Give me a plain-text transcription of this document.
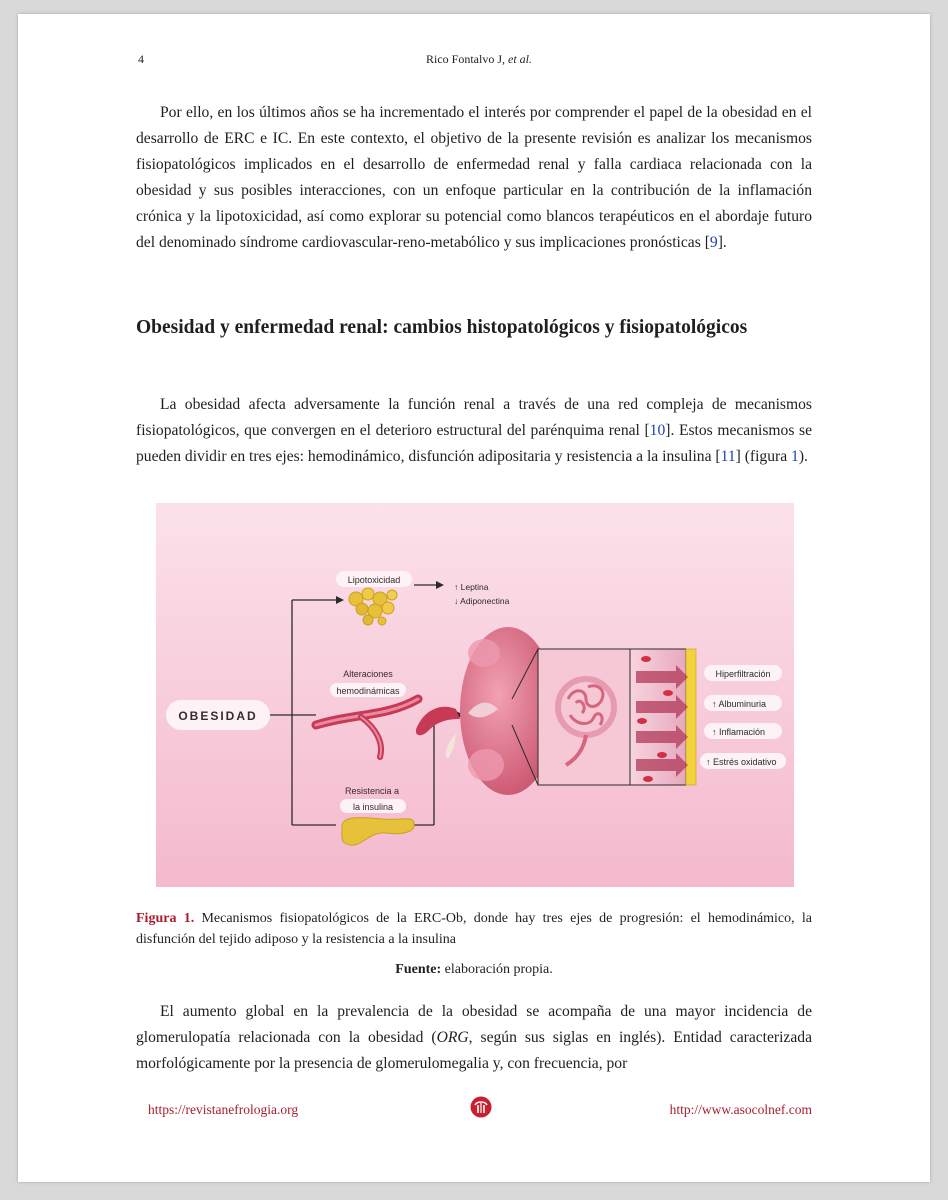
4	Rico Fontalvo J, et al.

Por ello, en los últimos años se ha incrementado el interés por comprender el papel de la obesidad en el desarrollo de ERC e IC. En este contexto, el objetivo de la presente revisión es analizar los mecanismos fisiopatológicos implicados en el desarrollo de enfermedad renal y falla cardiaca relacionada con la obesidad y sus posibles interacciones, con un enfoque particular en la contribución de la inflamación crónica y la lipotoxicidad, así como explorar su potencial como blancos terapéuticos en el abordaje futuro del denominado síndrome cardiovascular-reno-metabólico y sus implicaciones pronósticas [9].

Obesidad y enfermedad renal: cambios histopatológicos y fisiopatológicos

La obesidad afecta adversamente la función renal a través de una red compleja de mecanismos fisiopatológicos, que convergen en el deterioro estructural del parénquima renal [10]. Estos mecanismos se pueden dividir en tres ejes: hemodinámico, disfunción adipositaria y resistencia a la insulina [11] (figura 1).

OBESIDAD
Lipotoxicidad
↑ Leptina
↓ Adiponectina
Alteraciones
hemodinámicas
Resistencia a
la insulina
Hiperfiltración
↑ Albuminuria
↑ Inflamación
↑ Estrés oxidativo

Figura 1. Mecanismos fisiopatológicos de la ERC-Ob, donde hay tres ejes de progresión: el hemodinámico, la disfunción del tejido adiposo y la resistencia a la insulina

Fuente: elaboración propia.

El aumento global en la prevalencia de la obesidad se acompaña de una mayor incidencia de glomerulopatía relacionada con la obesidad (ORG, según sus siglas en inglés). Entidad caracterizada morfológicamente por la presencia de glomerulomegalia y, con frecuencia, por

https://revistanefrologia.org	http://www.asocolnef.com
